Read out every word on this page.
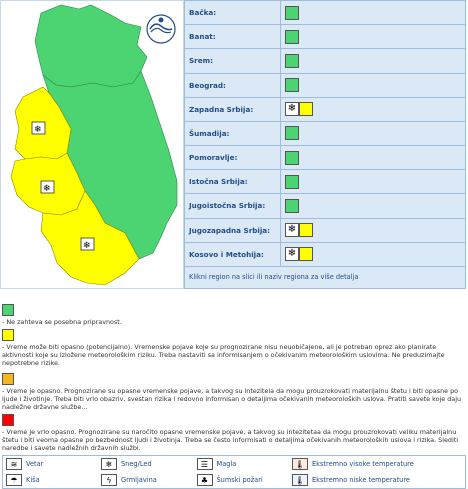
❄
❄
❄
Bačka:	
Banat:	
Srem:	
Beograd:	
Zapadna Srbija:	❄
Šumadija:	
Pomoravlje:	
Istočna Srbija:	
Jugoistočna Srbija:	
Jugozapadna Srbija:	❄
Kosovo i Metohija:	❄
Klikni region na slici ili naziv regiona za više detalja	

- Ne zahteva se posebna pripravnost.

- Vreme može biti opasno (potencijalno). Vremenske pojave koje su prognozirane nisu neuobičajene, ali je potreban oprez ako planirate aktivnosti koje su izložene meteorološkim riziku. Treba nastaviti sa informisanjem o očekivanim meteorološkim uslovima. Ne preduzimajte nepotrebne rizike.

- Vreme je opasno. Prognozirane su opasne vremenske pojave, a takvog su intezitela da mogu prouzrokovati materijalnu štetu i biti opasne po ljude i životinje. Treba biti vrlo obazriv, svestan rizika i redovno informisan o detaljima očekivanih meteoroloških uslova. Pratiti savete koje daju nadležne državne službe...

- Vreme je vrlo opasno. Prognozirane su naročito opasne vremenske pojave, a takvog su intezitetaa da mogu prouzrokovati veliku materijalnu štetu i biti veoma opasne po bezbednost ljudi i životinja. Treba se često informisati o detaljima očekivanih meteoroloških uslova i rizika. Slediti naredbe i savete nadležnih državnih službi.

≋ Vetar	❄ Sneg/Led	☰ Magla	🌡 Ekstremno visoke temperature
☂ Kiša	ϟ Grmljavina	♣ Šumski požari	🌡 Ekstremno niske temperature
